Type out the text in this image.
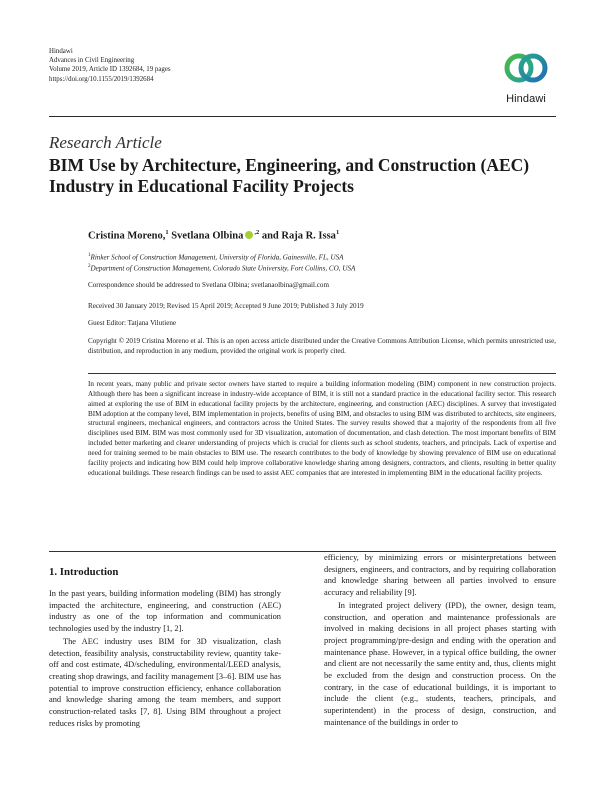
Hindawi
Advances in Civil Engineering
Volume 2019, Article ID 1392684, 19 pages
https://doi.org/10.1155/2019/1392684
Hindawi
Research Article
BIM Use by Architecture, Engineering, and Construction (AEC) Industry in Educational Facility Projects
Cristina Moreno,$^1$ Svetlana Olbina $^{,2}$ and Raja R. Issa$^1$
$^1$Rinker School of Construction Management, University of Florida, Gainesville, FL, USA
$^2$Department of Construction Management, Colorado State University, Fort Collins, CO, USA
Correspondence should be addressed to Svetlana Olbina; svetlanaolbina@gmail.com
Received 30 January 2019; Revised 15 April 2019; Accepted 9 June 2019; Published 3 July 2019
Guest Editor: Tatjana Vilutiene
Copyright © 2019 Cristina Moreno et al. This is an open access article distributed under the Creative Commons Attribution License, which permits unrestricted use, distribution, and reproduction in any medium, provided the original work is properly cited.
In recent years, many public and private sector owners have started to require a building information modeling (BIM) component in new construction projects. Although there has been a significant increase in industry-wide acceptance of BIM, it is still not a standard practice in the educational facility sector. This research aimed at exploring the use of BIM in educational facility projects by the architecture, engineering, and construction (AEC) disciplines. A survey that investigated BIM adoption at the company level, BIM implementation in projects, benefits of using BIM, and obstacles to using BIM was distributed to architects, site engineers, structural engineers, mechanical engineers, and contractors across the United States. The survey results showed that a majority of the respondents from all five disciplines used BIM. BIM was most commonly used for 3D visualization, automation of documentation, and clash detection. The most important benefits of BIM included better marketing and clearer understanding of projects which is crucial for clients such as school students, teachers, and principals. Lack of expertise and need for training seemed to be main obstacles to BIM use. The research contributes to the body of knowledge by showing prevalence of BIM use on educational facility projects and indicating how BIM could help improve collaborative knowledge sharing among designers, contractors, and clients, resulting in better quality educational buildings. These research findings can be used to assist AEC companies that are interested in implementing BIM in the educational facility projects.
1. Introduction

In the past years, building information modeling (BIM) has strongly impacted the architecture, engineering, and construction (AEC) industry as one of the top information and communication technologies used by the industry [1, 2].

The AEC industry uses BIM for 3D visualization, clash detection, feasibility analysis, constructability review, quantity take-off and cost estimate, 4D/scheduling, environmental/LEED analysis, creating shop drawings, and facility management [3–6]. BIM use has potential to improve construction efficiency, enhance collaboration and knowledge sharing among the team members, and support construction-related tasks [7, 8]. Using BIM throughout a project reduces risks by promoting

efficiency, by minimizing errors or misinterpretations between designers, engineers, and contractors, and by requiring collaboration and knowledge sharing between all parties involved to ensure accuracy and reliability [9].

In integrated project delivery (IPD), the owner, design team, construction, and operation and maintenance professionals are involved in making decisions in all project phases starting with project programming/pre-design and ending with the operation and maintenance phase. However, in a typical office building, the owner and client are not necessarily the same entity and, thus, clients might be excluded from the design and construction process. On the contrary, in the case of educational buildings, it is important to include the client (e.g., students, teachers, principals, and superintendent) in the process of design, construction, and maintenance of the buildings in order to
